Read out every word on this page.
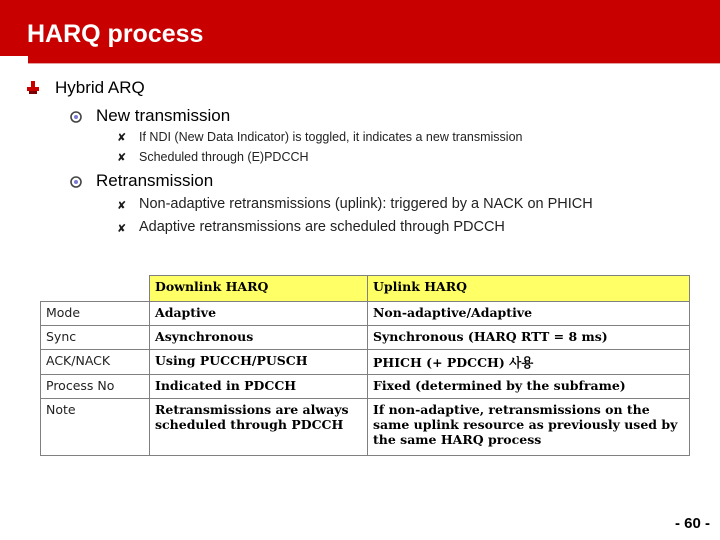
HARQ process
Hybrid ARQ
New transmission
✘ If NDI (New Data Indicator) is toggled, it indicates a new transmission
✘ Scheduled through (E)PDCCH
Retransmission
✘ Non-adaptive retransmissions (uplink): triggered by a NACK on PHICH
✘ Adaptive retransmissions are scheduled through PDCCH
	Downlink HARQ	Uplink HARQ
Mode	Adaptive	Non-adaptive/Adaptive
Sync	Asynchronous	Synchronous (HARQ RTT = 8 ms)
ACK/NACK	Using PUCCH/PUSCH	PHICH (+ PDCCH) 사용
Process No	Indicated in PDCCH	Fixed (determined by the subframe)
Note	Retransmissions are always scheduled through PDCCH	If non-adaptive, retransmissions on the same uplink resource as previously used by the same HARQ process
- 60 -
